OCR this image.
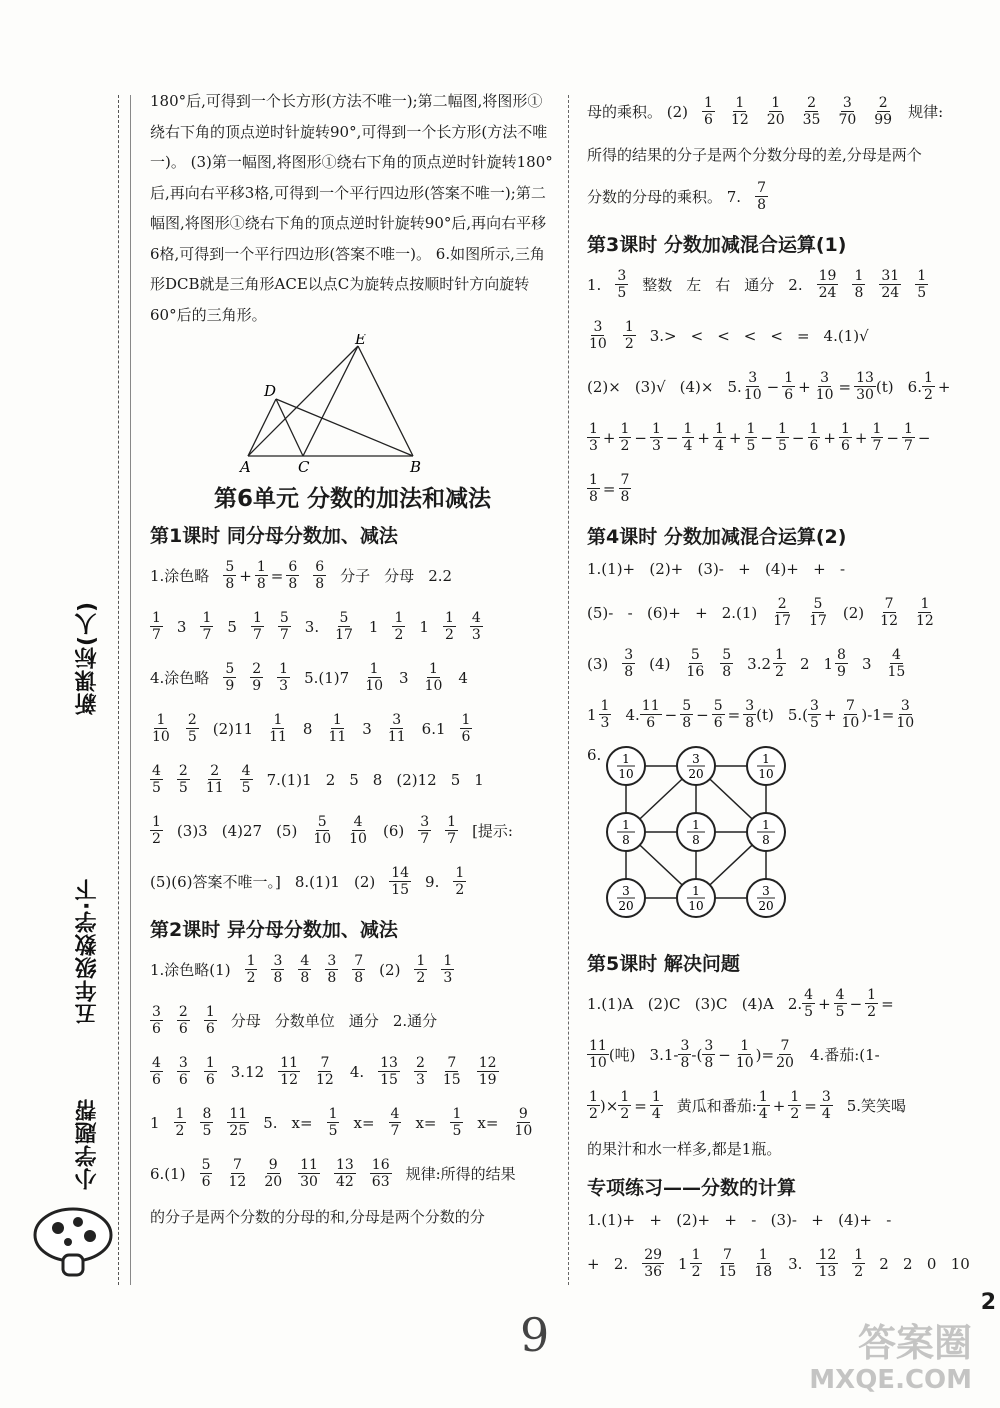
新课标(人)
五年级数学·下
小学题帮

180°后,可得到一个长方形(方法不唯一);第二幅图,将图形①绕右下角的顶点逆时针旋转90°,可得到一个长方形(方法不唯一)。 (3)第一幅图,将图形①绕右下角的顶点逆时针旋转180°后,再向右平移3格,可得到一个平行四边形(答案不唯一);第二幅图,将图形①绕右下角的顶点逆时针旋转90°后,再向右平移6格,可得到一个平行四边形(答案不唯一)。 6.如图所示,三角形DCB就是三角形ACE以点C为旋转点按顺时针方向旋转60°后的三角形。

E
D
A	C	B
第6单元 分数的加法和减法
第1课时 同分母分数加、减法
1.涂色略 $\frac{5}{8} + \frac{1}{8} = \frac{6}{8} \frac{6}{8}$ 分子 分母 2.2
$\frac{1}{7} 3 \frac{1}{7} 5 \frac{1}{7} \frac{5}{7} 3$. $\frac{5}{17} 1 \frac{1}{2} 1 \frac{1}{2} \frac{4}{3}$
4.涂色略 $\frac{5}{9} \frac{2}{9} \frac{1}{3} 5.(1)7 \frac{1}{10} 3 \frac{1}{10} 4$
$\frac{1}{10} \frac{2}{5} (2)11 \frac{1}{11} 8 \frac{1}{11} 3 \frac{3}{11} 6.1 \frac{1}{6}$
$\frac{4}{5} \frac{2}{5} \frac{2}{11} \frac{4}{5} 7.(1)1$ 2 5 8 (2)12 5 1
$\frac{1}{2} (3)3$ (4)27 $(5) \frac{5}{10} \frac{4}{10} (6) \frac{3}{7} \frac{1}{7}$ [提示:
(5)(6)答案不唯一。] 8.(1)1 $(2) \frac{14}{15} 9$. $\frac{1}{2}$
第2课时 异分母分数加、减法
1.涂色略$(1) \frac{1}{2} \frac{3}{8} \frac{4}{8} \frac{3}{8} \frac{7}{8} (2) \frac{1}{2} \frac{1}{3}$
$\frac{3}{6} \frac{2}{6} \frac{1}{6}$ 分母 分数单位 通分 2.通分
$\frac{4}{6} \frac{3}{6} \frac{1}{6} 3.12 \frac{11}{12} \frac{7}{12} 4$. $\frac{13}{15} \frac{2}{3} \frac{7}{15} \frac{12}{19}$
$1 \frac{1}{2} \frac{8}{5} \frac{11}{25} 5$. $x= \frac{1}{5} x= \frac{4}{7} x= \frac{1}{5} x= \frac{9}{10}$
$6.(1) \frac{5}{6} \frac{7}{12} \frac{9}{20} \frac{11}{30} \frac{13}{42} \frac{16}{63}$ 规律:所得的结果
的分子是两个分数的分母的和,分母是两个分数的分
母的乘积。 $(2) \frac{1}{6} \frac{1}{12} \frac{1}{20} \frac{2}{35} \frac{3}{70} \frac{2}{99}$ 规律:
所得的结果的分子是两个分数分母的差,分母是两个
分数的分母的乘积。 7. $\frac{7}{8}$
第3课时 分数加减混合运算(1)
1. $\frac{3}{5}$ 整数 左 右 通分 2. $\frac{19}{24} \frac{1}{8} \frac{31}{24} \frac{1}{5}$
$\frac{3}{10} \frac{1}{2} 3.>$ < < < < = 4.(1)√
(2)× (3)√ (4)× 5. $\frac{3}{10} - \frac{1}{6} + \frac{3}{10} = \frac{13}{30} (t)$ 6. $\frac{1}{2}$ +
$\frac{1}{3} + \frac{1}{2} - \frac{1}{3} - \frac{1}{4} + \frac{1}{4} + \frac{1}{5} - \frac{1}{5} - \frac{1}{6} + \frac{1}{6} + \frac{1}{7} - \frac{1}{7}$ −
$\frac{1}{8} = \frac{7}{8}$
第4课时 分数加减混合运算(2)
1.(1)+   (2)+   (3)-   +   (4)+   +   -
$(5)- - (6)+ + 2.(1) \frac{2}{17} \frac{5}{17} (2) \frac{7}{12} \frac{1}{12}$
$(3) \frac{3}{8} (4) \frac{5}{16} \frac{5}{8} 3$. $2 \frac{1}{2} 2$ $1 \frac{8}{9} 3 \frac{4}{15}$
$1 \frac{1}{3} 4$. $\frac{11}{6} - \frac{5}{8} - \frac{5}{6} = \frac{3}{8} (t)$ $5.( \frac{3}{5} + \frac{7}{10} )-1= \frac{3}{10}$
6. 1
10
3
20
1
10
1
8
1
8
1
8
3
20
1
10
3
20
第5课时 解决问题
1.(1)A   (2)C   (3)C   (4)A 2. $\frac{4}{5} + \frac{4}{5} - \frac{1}{2}$ =
$\frac{11}{10}$ (吨) $3.1- \frac{3}{8}$ -( $\frac{3}{8} - \frac{1}{10}$ )= $\frac{7}{20} 4$.番茄:(1-
$\frac{1}{2}$ )× $\frac{1}{2} = \frac{1}{4}$ 黄瓜和番茄: $\frac{1}{4} + \frac{1}{2} = \frac{3}{4} 5$.笑笑喝
的果汁和水一样多,都是1瓶。
专项练习——分数的计算
1.(1)+   +   (2)+   +   -   (3)-   +   (4)+   -
+   2. $\frac{29}{36} 1 \frac{1}{2} \frac{7}{15} \frac{1}{18} 3$. $\frac{12}{13} \frac{1}{2} 2$   2   0   10
2
9	答案圈
MXQE.COM
